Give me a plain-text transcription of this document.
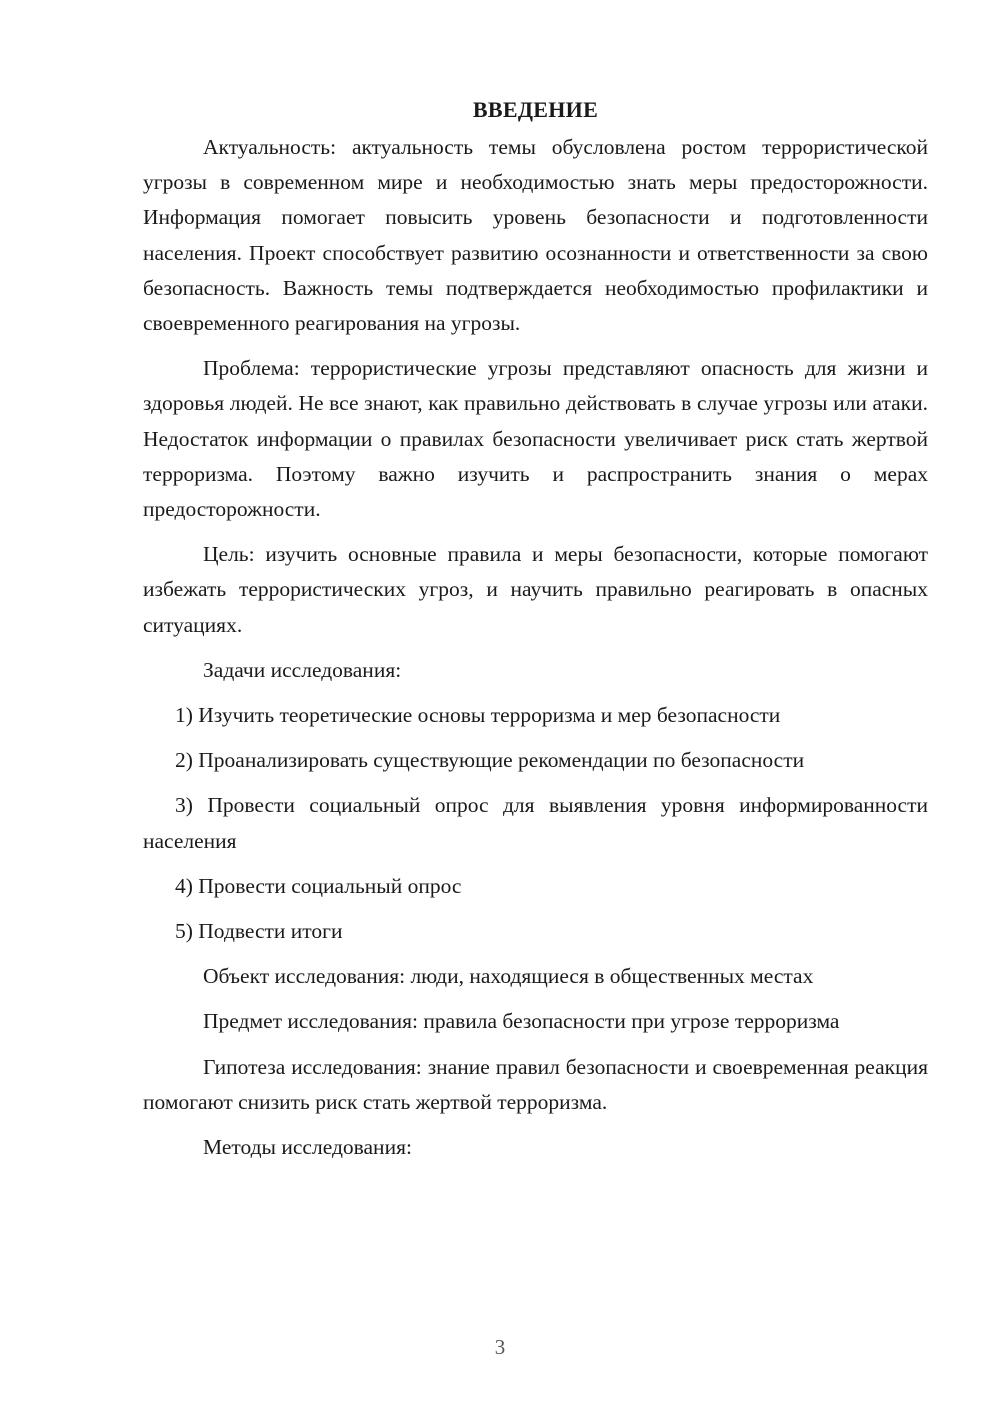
ВВЕДЕНИЕ

Актуальность: актуальность темы обусловлена ростом террористической угрозы в современном мире и необходимостью знать меры предосторожности. Информация помогает повысить уровень безопасности и подготовленности населения. Проект способствует развитию осознанности и ответственности за свою безопасность. Важность темы подтверждается необходимостью профилактики и своевременного реагирования на угрозы.

Проблема: террористические угрозы представляют опасность для жизни и здоровья людей. Не все знают, как правильно действовать в случае угрозы или атаки. Недостаток информации о правилах безопасности увеличивает риск стать жертвой терроризма. Поэтому важно изучить и распространить знания о мерах предосторожности.

Цель: изучить основные правила и меры безопасности, которые помогают избежать террористических угроз, и научить правильно реагировать в опасных ситуациях.

Задачи исследования:

1) Изучить теоретические основы терроризма и мер безопасности

2) Проанализировать существующие рекомендации по безопасности

3) Провести социальный опрос для выявления уровня информированности населения

4) Провести социальный опрос

5) Подвести итоги

Объект исследования: люди, находящиеся в общественных местах

Предмет исследования: правила безопасности при угрозе терроризма

Гипотеза исследования: знание правил безопасности и своевременная реакция помогают снизить риск стать жертвой терроризма.

Методы исследования:

3
